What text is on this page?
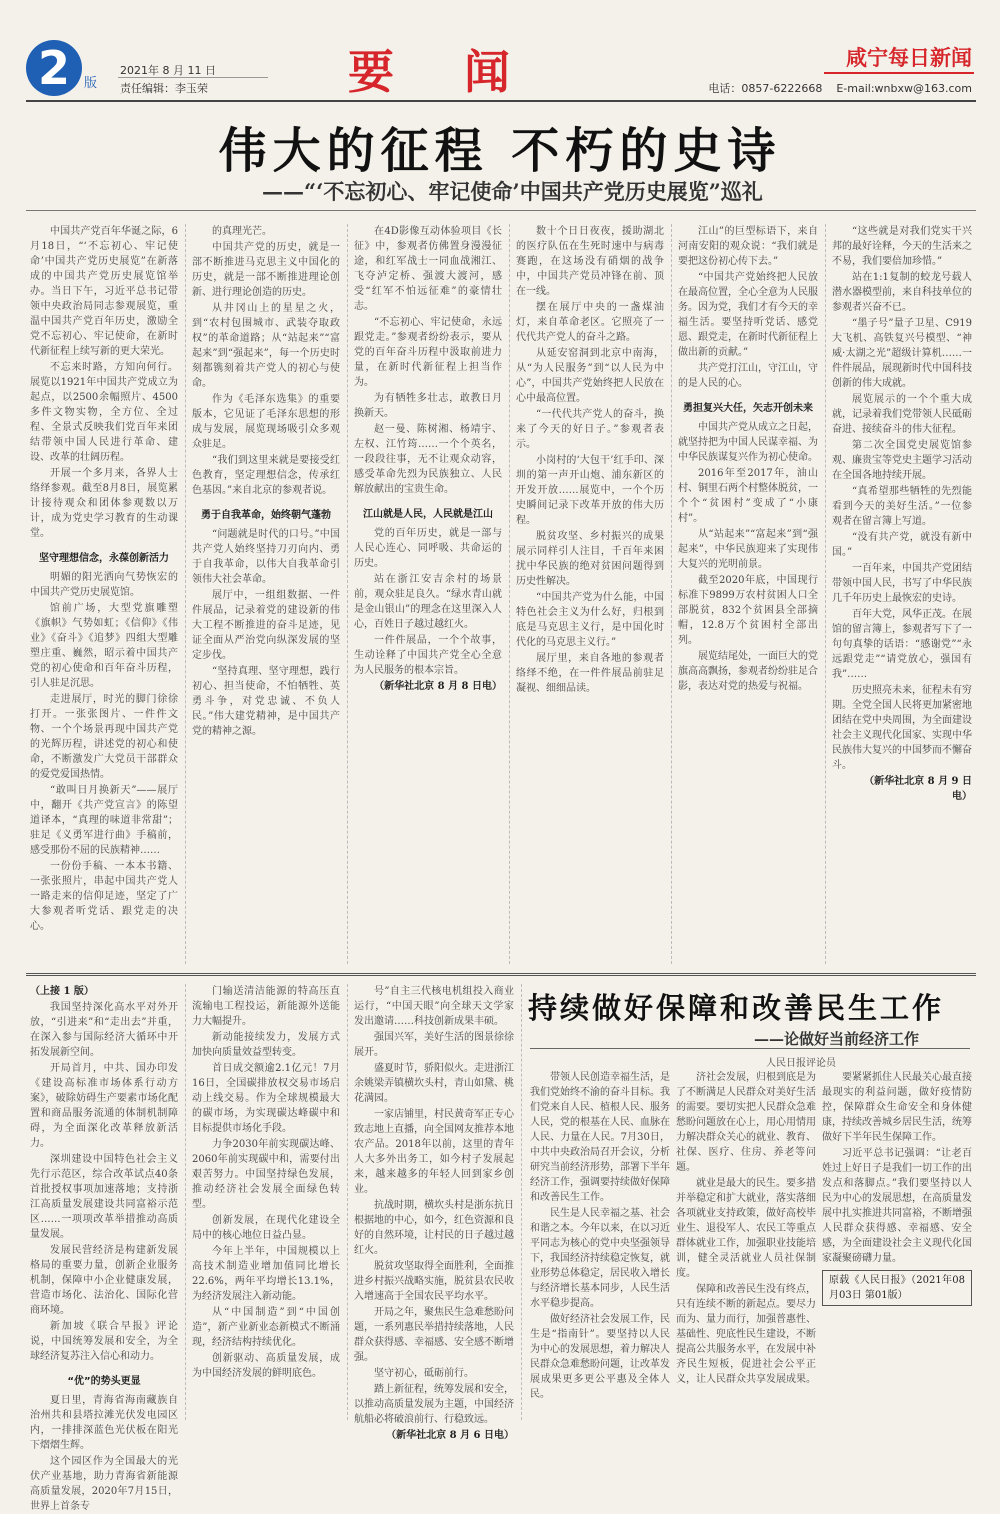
2	版
2021年 8 月 11 日
责任编辑：李玉荣	要闻	咸宁每日新闻
电话：0857-6222668 E-mail:wnbxw@163.com
伟大的征程 不朽的史诗
——“‘不忘初心、牢记使命’中国共产党历史展览”巡礼

中国共产党百年华诞之际，6月18日，“‘不忘初心、牢记使命’中国共产党历史展览”在新落成的中国共产党历史展览馆举办。当日下午，习近平总书记带领中央政治局同志参观展览，重温中国共产党百年历史，激励全党不忘初心、牢记使命，在新时代新征程上续写新的更大荣光。

不忘来时路，方知向何行。展览以1921年中国共产党成立为起点，以2500余幅照片、4500多件文物实物，全方位、全过程、全景式反映我们党百年来团结带领中国人民进行革命、建设、改革的壮阔历程。

开展一个多月来，各界人士络绎参观。截至8月8日，展览累计接待观众和团体参观数以万计，成为党史学习教育的生动课堂。

坚守理想信念，永葆创新活力

明媚的阳光洒向气势恢宏的中国共产党历史展览馆。

馆前广场，大型党旗雕塑《旗帜》气势如虹；《信仰》《伟业》《奋斗》《追梦》四组大型雕塑庄重、巍然，昭示着中国共产党的初心使命和百年奋斗历程，引人驻足沉思。

走进展厅，时光的脚门徐徐打开。一张张图片、一件件文物、一个个场景再现中国共产党的光辉历程，讲述党的初心和使命，不断激发广大党员干部群众的爱党爱国热情。

“敢叫日月换新天”——展厅中，翻开《共产党宣言》的陈望道译本，“真理的味道非常甜”；驻足《义勇军进行曲》手稿前，感受那份不屈的民族精神……

一份份手稿、一本本书籍、一张张照片，串起中国共产党人一路走来的信仰足迹，坚定了广大参观者听党话、跟党走的决心。

的真理光芒。

中国共产党的历史，就是一部不断推进马克思主义中国化的历史，就是一部不断推进理论创新、进行理论创造的历史。

从井冈山上的星星之火，到“农村包围城市、武装夺取政权”的革命道路；从“站起来”“富起来”到“强起来”，每一个历史时刻都镌刻着共产党人的初心与使命。

作为《毛泽东选集》的重要版本，它见证了毛泽东思想的形成与发展，展览现场吸引众多观众驻足。

“我们到这里来就是要接受红色教育，坚定理想信念，传承红色基因。”来自北京的参观者说。

勇于自我革命，始终朝气蓬勃

“问题就是时代的口号。”中国共产党人始终坚持刀刃向内、勇于自我革命，以伟大自我革命引领伟大社会革命。

展厅中，一组组数据、一件件展品，记录着党的建设新的伟大工程不断推进的奋斗足迹，见证全面从严治党向纵深发展的坚定步伐。

“坚持真理、坚守理想，践行初心、担当使命，不怕牺牲、英勇斗争，对党忠诚、不负人民。”伟大建党精神，是中国共产党的精神之源。

在4D影像互动体验项目《长征》中，参观者仿佛置身漫漫征途，和红军战士一同血战湘江、飞夺泸定桥、强渡大渡河，感受“红军不怕远征难”的豪情壮志。

“不忘初心、牢记使命，永远跟党走。”参观者纷纷表示，要从党的百年奋斗历程中汲取前进力量，在新时代新征程上担当作为。

为有牺牲多壮志，敢教日月换新天。

赵一曼、陈树湘、杨靖宇、左权、江竹筠……一个个英名，一段段往事，无不让观众动容，感受革命先烈为民族独立、人民解放献出的宝贵生命。

江山就是人民，人民就是江山

党的百年历史，就是一部与人民心连心、同呼吸、共命运的历史。

站在浙江安吉余村的场景前，观众驻足良久。“绿水青山就是金山银山”的理念在这里深入人心，百姓日子越过越红火。

一件件展品，一个个故事，生动诠释了中国共产党全心全意为人民服务的根本宗旨。

（新华社北京 8 月 8 日电）

数十个日日夜夜，援助湖北的医疗队伍在生死时速中与病毒赛跑，在这场没有硝烟的战争中，中国共产党员冲锋在前、顶在一线。

摆在展厅中央的一盏煤油灯，来自革命老区。它照亮了一代代共产党人的奋斗之路。

从延安窑洞到北京中南海，从“为人民服务”到“以人民为中心”，中国共产党始终把人民放在心中最高位置。

“一代代共产党人的奋斗，换来了今天的好日子。”参观者表示。

小岗村的‘大包干’红手印、深圳的第一声开山炮、浦东新区的开发开放……展览中，一个个历史瞬间记录下改革开放的伟大历程。

脱贫攻坚、乡村振兴的成果展示同样引人注目，千百年来困扰中华民族的绝对贫困问题得到历史性解决。

“中国共产党为什么能，中国特色社会主义为什么好，归根到底是马克思主义行，是中国化时代化的马克思主义行。”

展厅里，来自各地的参观者络绎不绝，在一件件展品前驻足凝视、细细品读。

江山”的巨型标语下，来自河南安阳的观众说：“我们就是要把这份初心传下去。”

“中国共产党始终把人民放在最高位置，全心全意为人民服务。因为党，我们才有今天的幸福生活。要坚持听党话、感党恩、跟党走，在新时代新征程上做出新的贡献。”

共产党打江山，守江山，守的是人民的心。

勇担复兴大任，矢志开创未来

中国共产党从成立之日起，就坚持把为中国人民谋幸福、为中华民族谋复兴作为初心使命。

2016年至2017年，油山村、铜里石两个村整体脱贫，一个个“贫困村”变成了“小康村”。

从“站起来”“富起来”到“强起来”，中华民族迎来了实现伟大复兴的光明前景。

截至2020年底，中国现行标准下9899万农村贫困人口全部脱贫，832个贫困县全部摘帽，12.8万个贫困村全部出列。

展览结尾处，一面巨大的党旗高高飘扬，参观者纷纷驻足合影，表达对党的热爱与祝福。

“这些就是对我们党实干兴邦的最好诠释，今天的生活来之不易，我们要倍加珍惜。”

站在1:1复制的蛟龙号载人潜水器模型前，来自科技单位的参观者兴奋不已。

“墨子号”量子卫星、C919大飞机、高铁复兴号模型、“神威·太湖之光”超级计算机……一件件展品，展现新时代中国科技创新的伟大成就。

展览展示的一个个重大成就，记录着我们党带领人民砥砺奋进、接续奋斗的伟大征程。

第二次全国党史展览馆参观、廉贵宝等党史主题学习活动在全国各地持续开展。

“真希望那些牺牲的先烈能看到今天的美好生活。”一位参观者在留言簿上写道。

“没有共产党，就没有新中国。”

一百年来，中国共产党团结带领中国人民，书写了中华民族几千年历史上最恢宏的史诗。

百年大党，风华正茂。在展馆的留言簿上，参观者写下了一句句真挚的话语：“感谢党”“永远跟党走”“请党放心，强国有我”……

历史照亮未来，征程未有穷期。全党全国人民将更加紧密地团结在党中央周围，为全面建设社会主义现代化国家、实现中华民族伟大复兴的中国梦而不懈奋斗。

（新华社北京 8 月 9 日电）

（上接 1 版）

我国坚持深化高水平对外开放，“引进来”和“走出去”并重，在深入参与国际经济大循环中开拓发展新空间。

开局首月，中共、国办印发《建设高标准市场体系行动方案》，破除妨碍生产要素市场化配置和商品服务流通的体制机制障碍，为全面深化改革释放新活力。

深圳建设中国特色社会主义先行示范区，综合改革试点40条首批授权事项加速落地；支持浙江高质量发展建设共同富裕示范区……一项项改革举措推动高质量发展。

发展民营经济是构建新发展格局的重要力量，创新企业服务机制，保障中小企业健康发展，营造市场化、法治化、国际化营商环境。

新加坡《联合早报》评论说，中国统筹发展和安全，为全球经济复苏注入信心和动力。

“优”的势头更显

夏日里，青海省海南藏族自治州共和县塔拉滩光伏发电园区内，一排排深蓝色光伏板在阳光下熠熠生辉。

这个园区作为全国最大的光伏产业基地，助力青海省新能源高质量发展，2020年7月15日，世界上首条专

门输送清洁能源的特高压直流输电工程投运，新能源外送能力大幅提升。

新动能接续发力，发展方式加快向质量效益型转变。

首日成交额逾2.1亿元！7月16日，全国碳排放权交易市场启动上线交易。作为全球规模最大的碳市场，为实现碳达峰碳中和目标提供市场化手段。

力争2030年前实现碳达峰、2060年前实现碳中和，需要付出艰苦努力。中国坚持绿色发展，推动经济社会发展全面绿色转型。

创新发展，在现代化建设全局中的核心地位日益凸显。

今年上半年，中国规模以上高技术制造业增加值同比增长22.6%，两年平均增长13.1%，为经济发展注入新动能。

从“中国制造”到“中国创造”，新产业新业态新模式不断涌现，经济结构持续优化。

创新驱动、高质量发展，成为中国经济发展的鲜明底色。

号”自主三代核电机组投入商业运行，“中国天眼”向全球天文学家发出邀请……科技创新成果丰硕。

强国兴军，美好生活的图景徐徐展开。

盛夏时节，骄阳似火。走进浙江余姚梁弄镇横坎头村，青山如黛、桃花满园。

一家店铺里，村民黄奇军正专心致志地上直播，向全国网友推荐本地农产品。2018年以前，这里的青年人大多外出务工，如今村子发展起来，越来越多的年轻人回到家乡创业。

抗战时期，横坎头村是浙东抗日根据地的中心，如今，红色资源和良好的自然环境，让村民的日子越过越红火。

脱贫攻坚取得全面胜利，全面推进乡村振兴战略实施，脱贫县农民收入增速高于全国农民平均水平。

开局之年，聚焦民生急难愁盼问题，一系列惠民举措持续落地，人民群众获得感、幸福感、安全感不断增强。

坚守初心，砥砺前行。

踏上新征程，统筹发展和安全，以推动高质量发展为主题，中国经济航船必将破浪前行、行稳致远。

（新华社北京 8 月 6 日电）

持续做好保障和改善民生工作
——论做好当前经济工作
人民日报评论员

带领人民创造幸福生活，是我们党始终不渝的奋斗目标。我们党来自人民、植根人民、服务人民，党的根基在人民、血脉在人民、力量在人民。7月30日，中共中央政治局召开会议，分析研究当前经济形势，部署下半年经济工作，强调要持续做好保障和改善民生工作。

民生是人民幸福之基、社会和谐之本。今年以来，在以习近平同志为核心的党中央坚强领导下，我国经济持续稳定恢复，就业形势总体稳定，居民收入增长与经济增长基本同步，人民生活水平稳步提高。

做好经济社会发展工作，民生是“指南针”。要坚持以人民为中心的发展思想，着力解决人民群众急难愁盼问题，让改革发展成果更多更公平惠及全体人民。

济社会发展，归根到底是为了不断满足人民群众对美好生活的需要。要切实把人民群众急难愁盼问题放在心上，用心用情用力解决群众关心的就业、教育、社保、医疗、住房、养老等问题。

就业是最大的民生。要多措并举稳定和扩大就业，落实落细各项就业支持政策，做好高校毕业生、退役军人、农民工等重点群体就业工作，加强职业技能培训，健全灵活就业人员社保制度。

保障和改善民生没有终点，只有连续不断的新起点。要尽力而为、量力而行，加强普惠性、基础性、兜底性民生建设，不断提高公共服务水平，在发展中补齐民生短板，促进社会公平正义，让人民群众共享发展成果。

要紧紧抓住人民最关心最直接最现实的利益问题，做好疫情防控，保障群众生命安全和身体健康，持续改善城乡居民生活，统筹做好下半年民生保障工作。

习近平总书记强调：“让老百姓过上好日子是我们一切工作的出发点和落脚点。”我们要坚持以人民为中心的发展思想，在高质量发展中扎实推进共同富裕，不断增强人民群众获得感、幸福感、安全感，为全面建设社会主义现代化国家凝聚磅礴力量。

原载《人民日报》（2021年08月03日 第01版）
